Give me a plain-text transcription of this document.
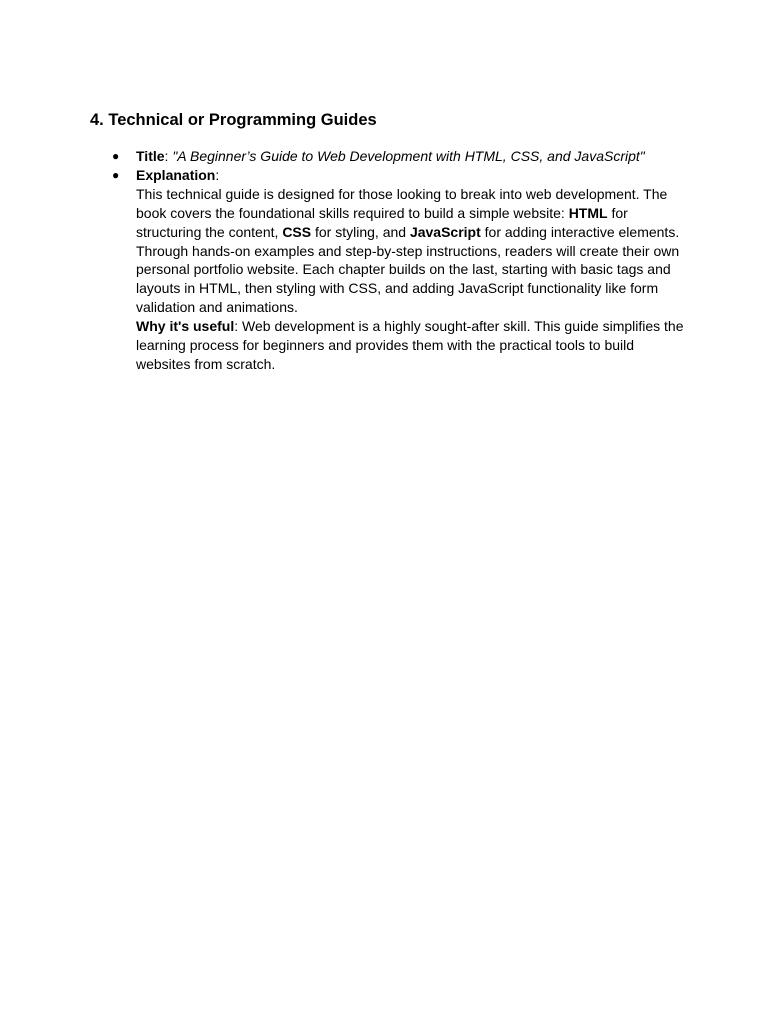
4. Technical or Programming Guides
●	Title: "A Beginner’s Guide to Web Development with HTML, CSS, and JavaScript"
●	Explanation:
This technical guide is designed for those looking to break into web development. The book covers the foundational skills required to build a simple website: HTML for structuring the content, CSS for styling, and JavaScript for adding interactive elements. Through hands-on examples and step-by-step instructions, readers will create their own personal portfolio website. Each chapter builds on the last, starting with basic tags and layouts in HTML, then styling with CSS, and adding JavaScript functionality like form validation and animations.
Why it's useful: Web development is a highly sought-after skill. This guide simplifies the learning process for beginners and provides them with the practical tools to build websites from scratch.
